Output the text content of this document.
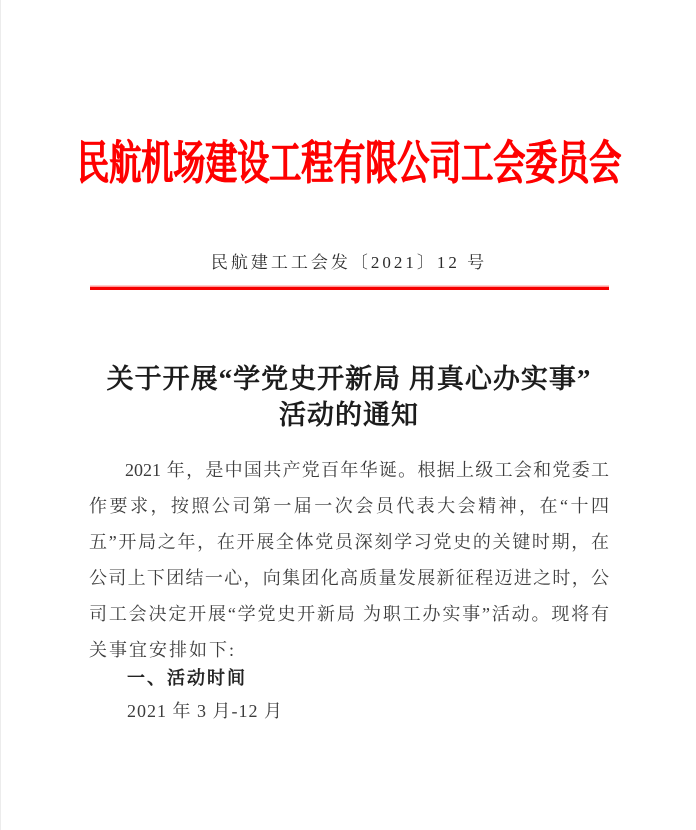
民航机场建设工程有限公司工会委员会
民航建工工会发〔2021〕12 号
关于开展“学党史开新局 用真心办实事”
活动的通知
2021 年，是中国共产党百年华诞。根据上级工会和党委工
作要求，按照公司第一届一次会员代表大会精神，在“十四
五”开局之年，在开展全体党员深刻学习党史的关键时期，在
公司上下团结一心，向集团化高质量发展新征程迈进之时，公
司工会决定开展“学党史开新局 为职工办实事”活动。现将有
关事宜安排如下:
一、活动时间
2021 年 3 月-12 月
